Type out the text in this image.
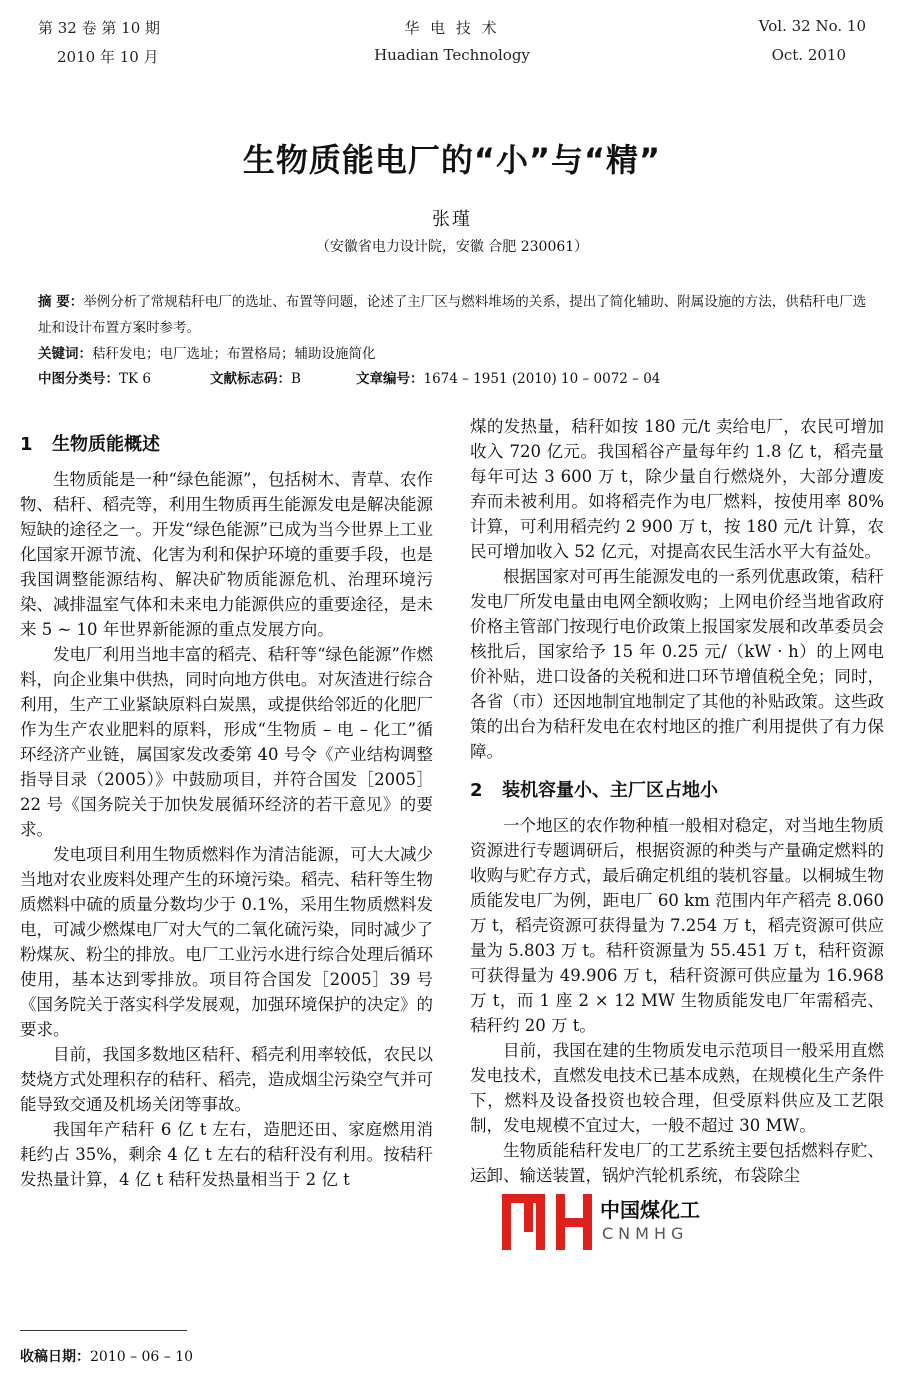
第 32 卷 第 10 期
2010 年 10 月
华 电 技 术
Huadian Technology
Vol. 32 No. 10
Oct. 2010
生物质能电厂的“小”与“精”
张瑾
（安徽省电力设计院，安徽 合肥 230061）
摘 要：举例分析了常规秸秆电厂的选址、布置等问题，论述了主厂区与燃料堆场的关系，提出了简化辅助、附属设施的方法，供秸秆电厂选址和设计布置方案时参考。
关键词：秸秆发电；电厂选址；布置格局；辅助设施简化
中图分类号：TK 6	文献标志码：B	文章编号：1674 – 1951 (2010) 10 – 0072 – 04
1 生物质能概述

生物质能是一种“绿色能源”，包括树木、青草、农作物、秸秆、稻壳等，利用生物质再生能源发电是解决能源短缺的途径之一。开发“绿色能源”已成为当今世界上工业化国家开源节流、化害为利和保护环境的重要手段，也是我国调整能源结构、解决矿物质能源危机、治理环境污染、减排温室气体和未来电力能源供应的重要途径，是未来 5 ~ 10 年世界新能源的重点发展方向。

发电厂利用当地丰富的稻壳、秸秆等“绿色能源”作燃料，向企业集中供热，同时向地方供电。对灰渣进行综合利用，生产工业紧缺原料白炭黑，或提供给邻近的化肥厂作为生产农业肥料的原料，形成“生物质 – 电 – 化工”循环经济产业链，属国家发改委第 40 号令《产业结构调整指导目录（2005）》中鼓励项目，并符合国发［2005］22 号《国务院关于加快发展循环经济的若干意见》的要求。

发电项目利用生物质燃料作为清洁能源，可大大减少当地对农业废料处理产生的环境污染。稻壳、秸秆等生物质燃料中硫的质量分数均少于 0.1%，采用生物质燃料发电，可减少燃煤电厂对大气的二氧化硫污染，同时减少了粉煤灰、粉尘的排放。电厂工业污水进行综合处理后循环使用，基本达到零排放。项目符合国发［2005］39 号《国务院关于落实科学发展观，加强环境保护的决定》的要求。

目前，我国多数地区秸秆、稻壳利用率较低，农民以焚烧方式处理积存的秸秆、稻壳，造成烟尘污染空气并可能导致交通及机场关闭等事故。

我国年产秸秆 6 亿 t 左右，造肥还田、家庭燃用消耗约占 35%，剩余 4 亿 t 左右的秸秆没有利用。按秸秆发热量计算，4 亿 t 秸秆发热量相当于 2 亿 t

煤的发热量，秸秆如按 180 元/t 卖给电厂，农民可增加收入 720 亿元。我国稻谷产量每年约 1.8 亿 t，稻壳量每年可达 3 600 万 t，除少量自行燃烧外，大部分遭废弃而未被利用。如将稻壳作为电厂燃料，按使用率 80% 计算，可利用稻壳约 2 900 万 t，按 180 元/t 计算，农民可增加收入 52 亿元，对提高农民生活水平大有益处。

根据国家对可再生能源发电的一系列优惠政策，秸秆发电厂所发电量由电网全额收购；上网电价经当地省政府价格主管部门按现行电价政策上报国家发展和改革委员会核批后，国家给予 15 年 0.25 元/（kW · h）的上网电价补贴，进口设备的关税和进口环节增值税全免；同时，各省（市）还因地制宜地制定了其他的补贴政策。这些政策的出台为秸秆发电在农村地区的推广利用提供了有力保障。

2 装机容量小、主厂区占地小

一个地区的农作物种植一般相对稳定，对当地生物质资源进行专题调研后，根据资源的种类与产量确定燃料的收购与贮存方式，最后确定机组的装机容量。以桐城生物质能发电厂为例，距电厂 60 km 范围内年产稻壳 8.060 万 t，稻壳资源可获得量为 7.254 万 t，稻壳资源可供应量为 5.803 万 t。秸秆资源量为 55.451 万 t，秸秆资源可获得量为 49.906 万 t，秸秆资源可供应量为 16.968 万 t，而 1 座 2 × 12 MW 生物质能发电厂年需稻壳、秸秆约 20 万 t。

目前，我国在建的生物质发电示范项目一般采用直燃发电技术，直燃发电技术已基本成熟，在规模化生产条件下，燃料及设备投资也较合理，但受原料供应及工艺限制，发电规模不宜过大，一般不超过 30 MW。

生物质能秸秆发电厂的工艺系统主要包括燃料存贮、运卸、输送装置，锅炉汽轮机系统，布袋除尘

中国煤化工
CNMHG
收稿日期：2010 – 06 – 10
